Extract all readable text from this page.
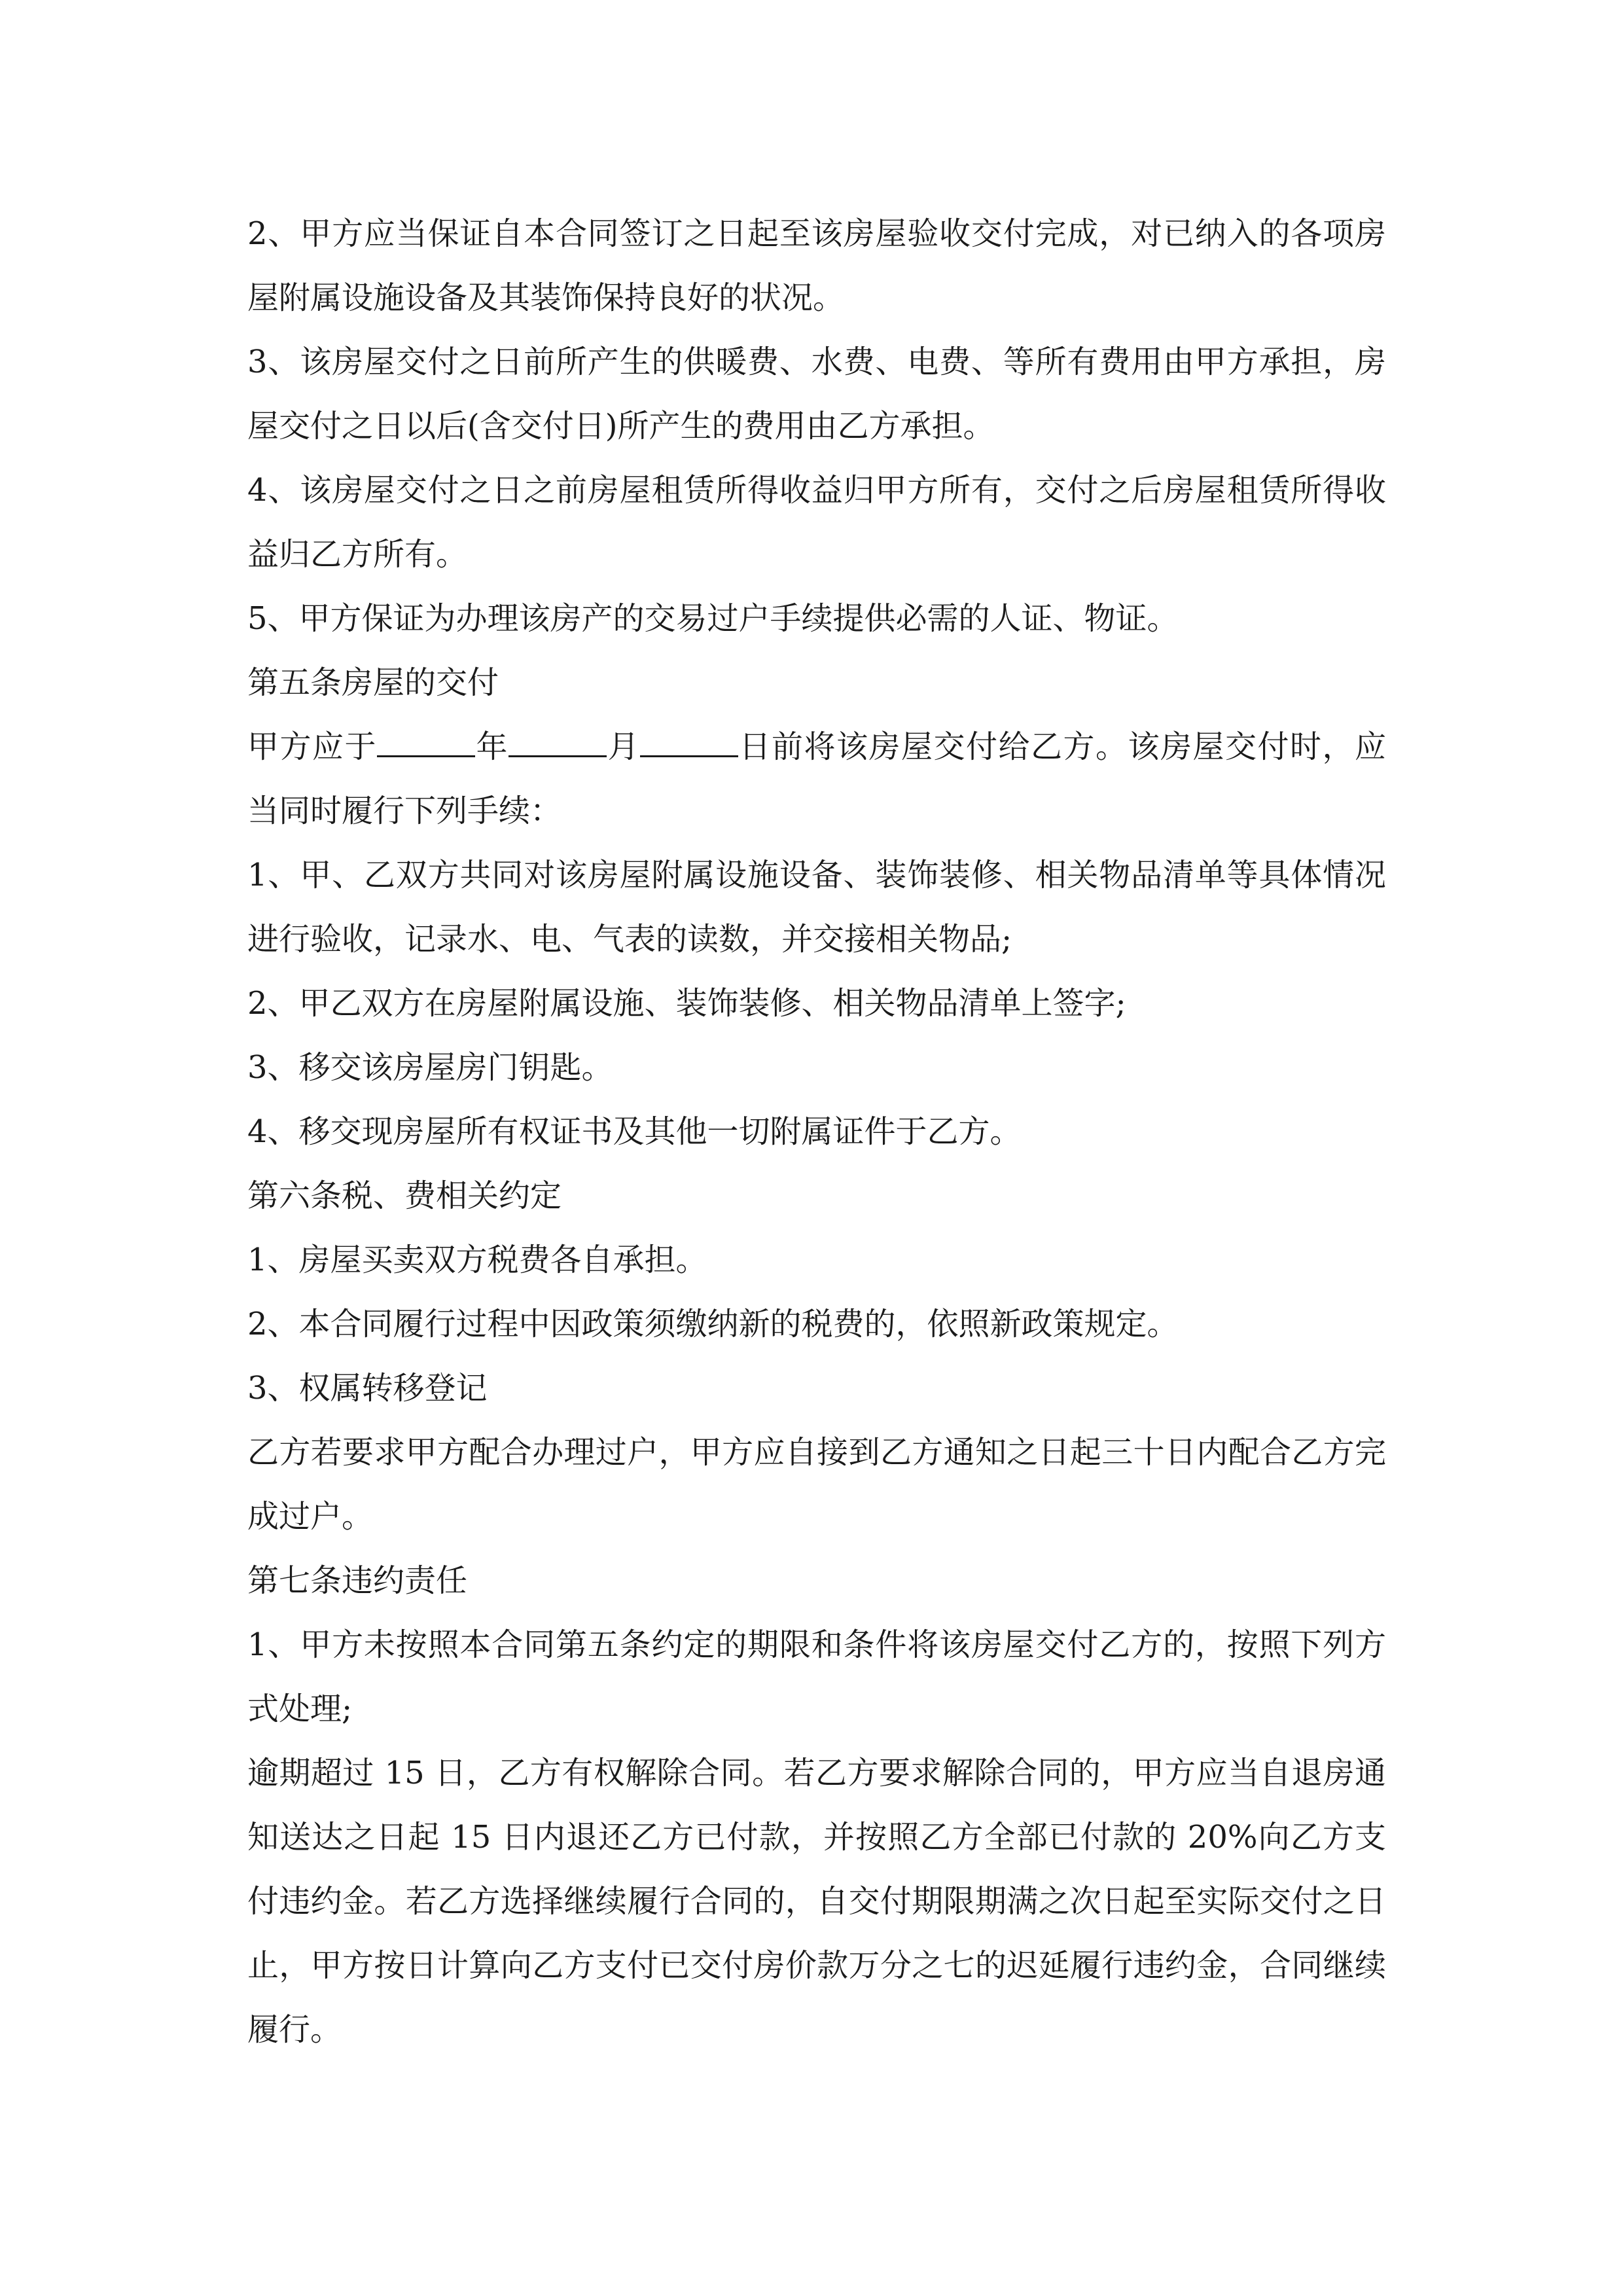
2、甲方应当保证自本合同签订之日起至该房屋验收交付完成，对已纳入的各项房屋附属设施设备及其装饰保持良好的状况。

3、该房屋交付之日前所产生的供暖费、水费、电费、等所有费用由甲方承担，房屋交付之日以后(含交付日)所产生的费用由乙方承担。

4、该房屋交付之日之前房屋租赁所得收益归甲方所有，交付之后房屋租赁所得收益归乙方所有。

5、甲方保证为办理该房产的交易过户手续提供必需的人证、物证。

第五条房屋的交付

甲方应于	年	月	日前将该房屋交付给乙方。该房屋交付时，应当同时履行下列手续：

1、甲、乙双方共同对该房屋附属设施设备、装饰装修、相关物品清单等具体情况进行验收，记录水、电、气表的读数，并交接相关物品;

2、甲乙双方在房屋附属设施、装饰装修、相关物品清单上签字;

3、移交该房屋房门钥匙。

4、移交现房屋所有权证书及其他一切附属证件于乙方。

第六条税、费相关约定

1、房屋买卖双方税费各自承担。

2、本合同履行过程中因政策须缴纳新的税费的，依照新政策规定。

3、权属转移登记

乙方若要求甲方配合办理过户，甲方应自接到乙方通知之日起三十日内配合乙方完成过户。

第七条违约责任

1、甲方未按照本合同第五条约定的期限和条件将该房屋交付乙方的，按照下列方式处理;

逾期超过 15 日，乙方有权解除合同。若乙方要求解除合同的，甲方应当自退房通知送达之日起 15 日内退还乙方已付款，并按照乙方全部已付款的 20%向乙方支付违约金。若乙方选择继续履行合同的，自交付期限期满之次日起至实际交付之日止，甲方按日计算向乙方支付已交付房价款万分之七的迟延履行违约金，合同继续履行。
